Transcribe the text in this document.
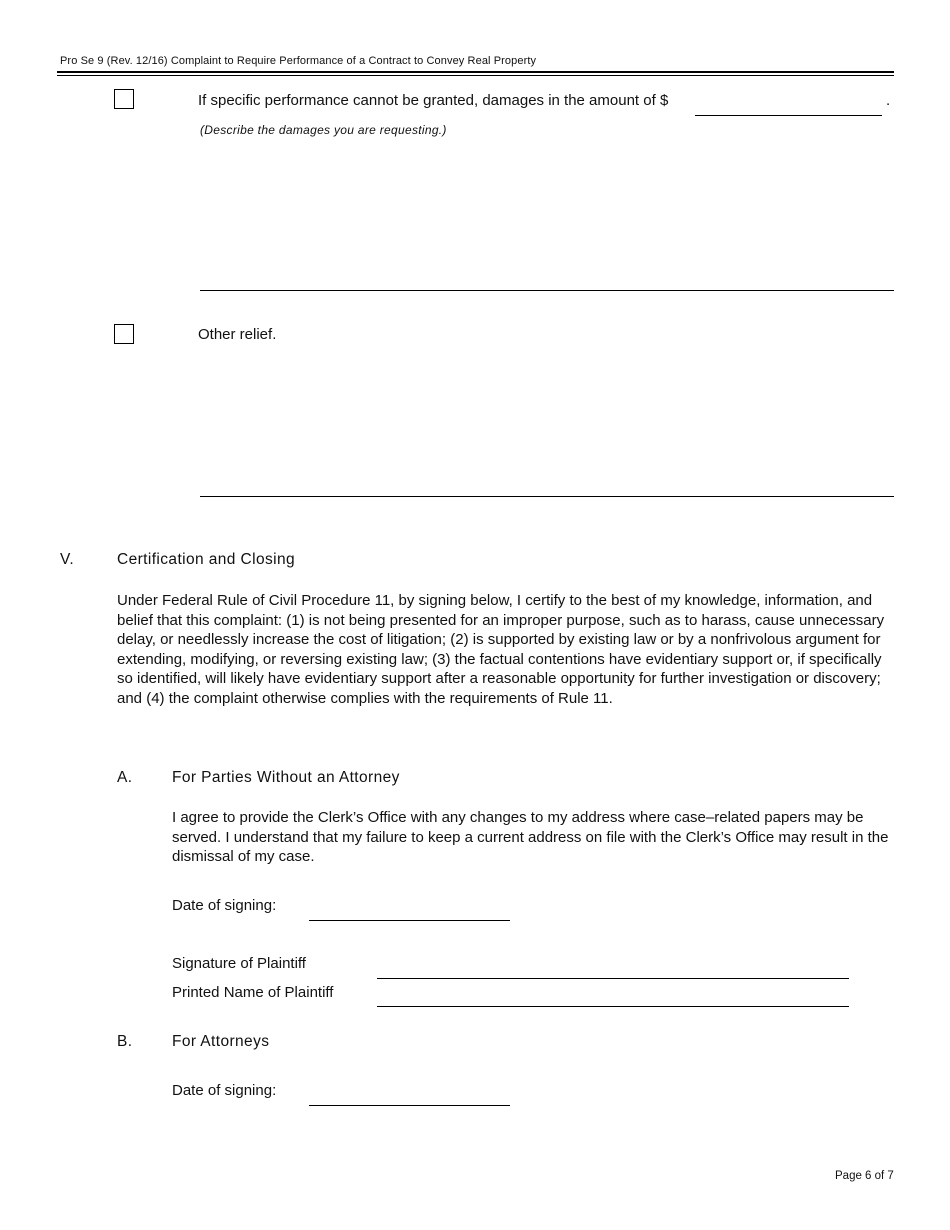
Pro Se 9 (Rev. 12/16) Complaint to Require Performance of a Contract to Convey Real Property
If specific performance cannot be granted, damages in the amount of $	.
(Describe the damages you are requesting.)
Other relief.
V.	Certification and Closing
Under Federal Rule of Civil Procedure 11, by signing below, I certify to the best of my knowledge, information, and belief that this complaint: (1) is not being presented for an improper purpose, such as to harass, cause unnecessary delay, or needlessly increase the cost of litigation; (2) is supported by existing law or by a nonfrivolous argument for extending, modifying, or reversing existing law; (3) the factual contentions have evidentiary support or, if specifically so identified, will likely have evidentiary support after a reasonable opportunity for further investigation or discovery; and (4) the complaint otherwise complies with the requirements of Rule 11.
A.	For Parties Without an Attorney
I agree to provide the Clerk’s Office with any changes to my address where case–related papers may be served. I understand that my failure to keep a current address on file with the Clerk’s Office may result in the dismissal of my case.
Date of signing:
Signature of Plaintiff
Printed Name of Plaintiff
B.	For Attorneys
Date of signing:
Page 6 of 7
